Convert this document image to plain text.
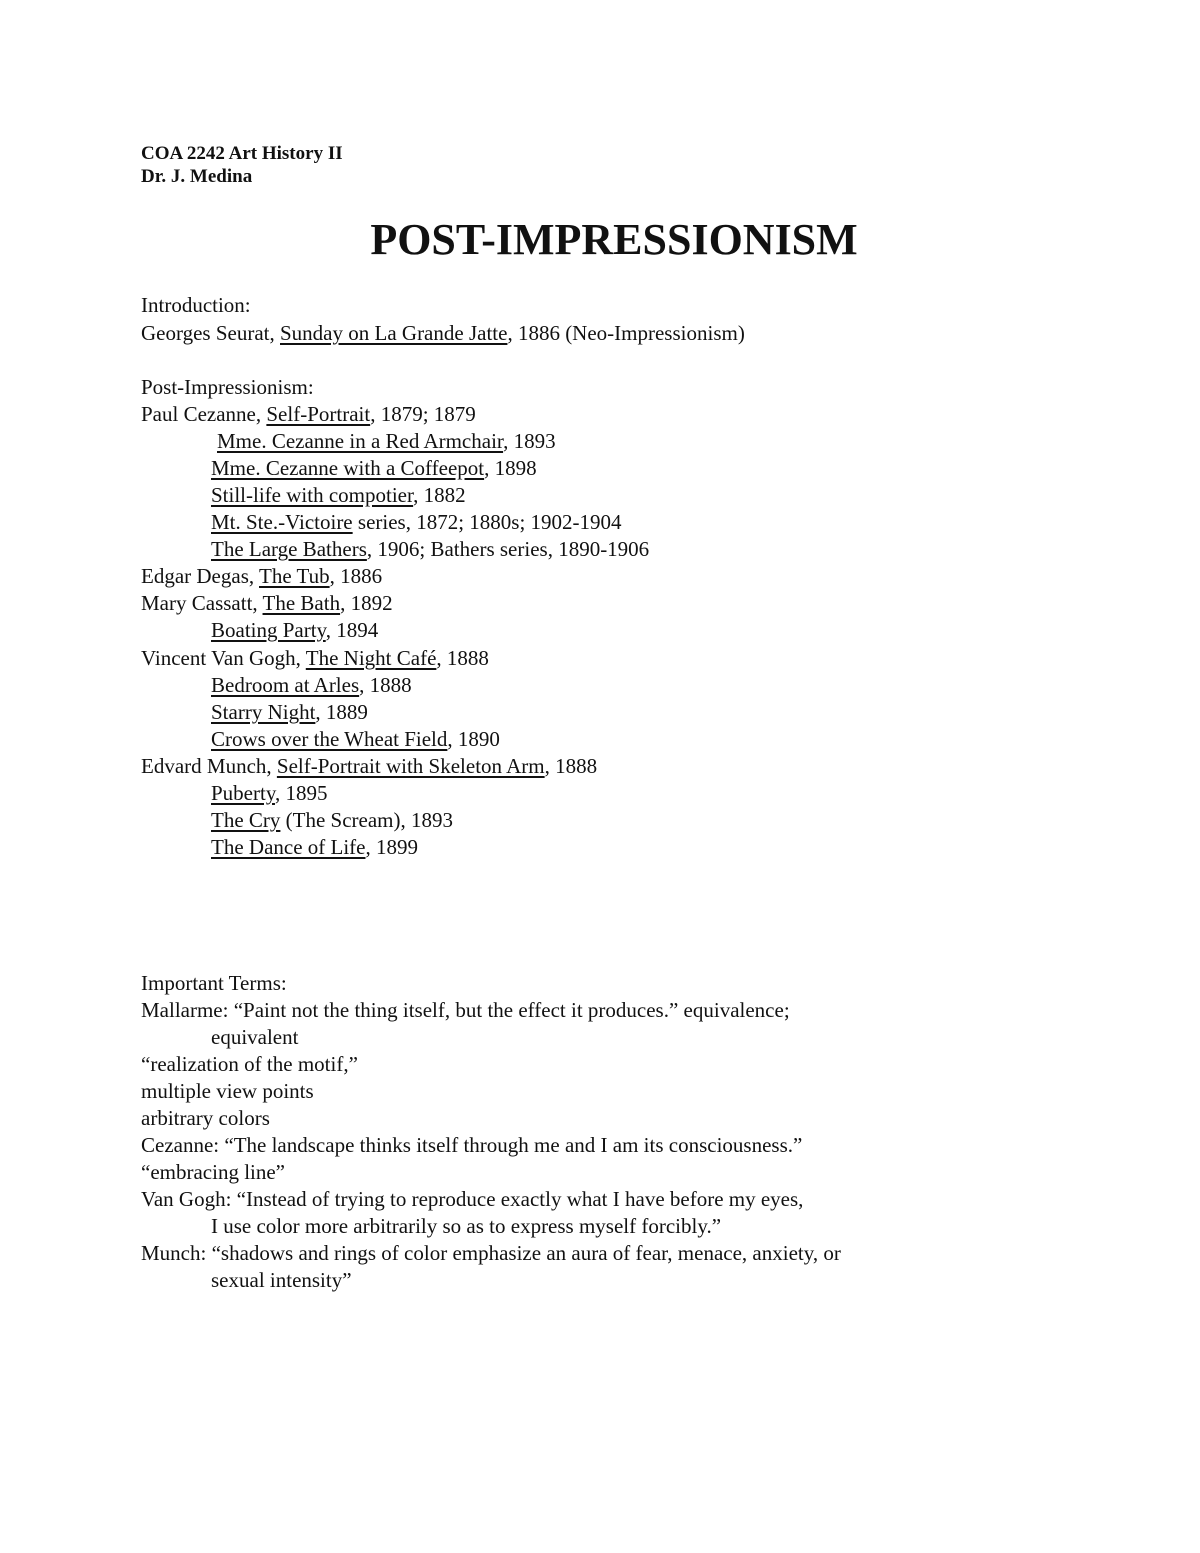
COA 2242 Art History II
Dr. J. Medina
POST-IMPRESSIONISM
Introduction:
Georges Seurat, Sunday on La Grande Jatte, 1886 (Neo-Impressionism)
Post-Impressionism:
Paul Cezanne, Self-Portrait, 1879; 1879
Mme. Cezanne in a Red Armchair, 1893
Mme. Cezanne with a Coffeepot, 1898
Still-life with compotier, 1882
Mt. Ste.-Victoire series, 1872; 1880s; 1902-1904
The Large Bathers, 1906; Bathers series, 1890-1906
Edgar Degas, The Tub, 1886
Mary Cassatt, The Bath, 1892
Boating Party, 1894
Vincent Van Gogh, The Night Café, 1888
Bedroom at Arles, 1888
Starry Night, 1889
Crows over the Wheat Field, 1890
Edvard Munch, Self-Portrait with Skeleton Arm, 1888
Puberty, 1895
The Cry (The Scream), 1893
The Dance of Life, 1899
Important Terms:
Mallarme: “Paint not the thing itself, but the effect it produces.” equivalence;
equivalent
“realization of the motif,”
multiple view points
arbitrary colors
Cezanne: “The landscape thinks itself through me and I am its consciousness.”
“embracing line”
Van Gogh: “Instead of trying to reproduce exactly what I have before my eyes,
I use color more arbitrarily so as to express myself forcibly.”
Munch: “shadows and rings of color emphasize an aura of fear, menace, anxiety, or
sexual intensity”
